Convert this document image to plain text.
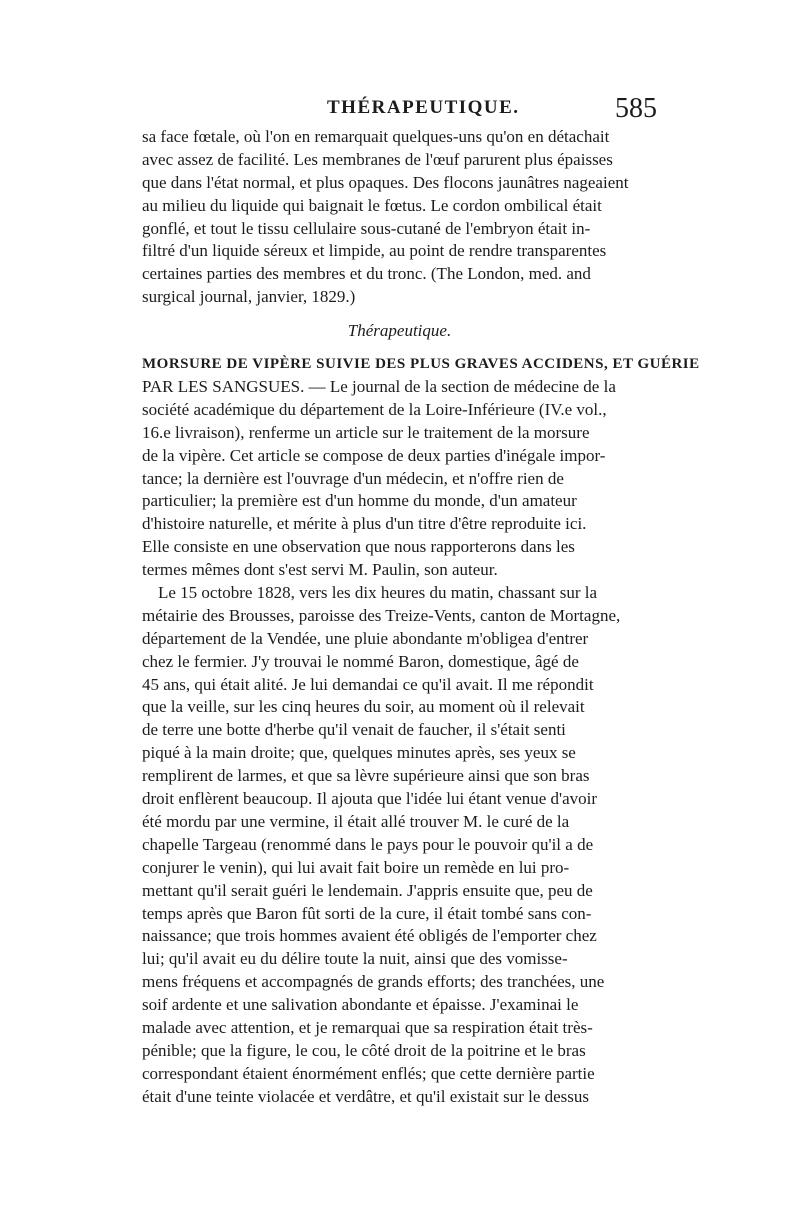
THÉRAPEUTIQUE.	585
sa face fœtale, où l'on en remarquait quelques-uns qu'on en détachait
avec assez de facilité. Les membranes de l'œuf parurent plus épaisses
que dans l'état normal, et plus opaques. Des flocons jaunâtres nageaient
au milieu du liquide qui baignait le fœtus. Le cordon ombilical était
gonflé, et tout le tissu cellulaire sous-cutané de l'embryon était in-
filtré d'un liquide séreux et limpide, au point de rendre transparentes
certaines parties des membres et du tronc. (The London, med. and
surgical journal, janvier, 1829.)
Thérapeutique.
MORSURE DE VIPÈRE SUIVIE DES PLUS GRAVES ACCIDENS, ET GUÉRIE
PAR LES SANGSUES. — Le journal de la section de médecine de la
société académique du département de la Loire-Inférieure (IV.e vol.,
16.e livraison), renferme un article sur le traitement de la morsure
de la vipère. Cet article se compose de deux parties d'inégale impor-
tance; la dernière est l'ouvrage d'un médecin, et n'offre rien de
particulier; la première est d'un homme du monde, d'un amateur
d'histoire naturelle, et mérite à plus d'un titre d'être reproduite ici.
Elle consiste en une observation que nous rapporterons dans les
termes mêmes dont s'est servi M. Paulin, son auteur.
Le 15 octobre 1828, vers les dix heures du matin, chassant sur la
métairie des Brousses, paroisse des Treize-Vents, canton de Mortagne,
département de la Vendée, une pluie abondante m'obligea d'entrer
chez le fermier. J'y trouvai le nommé Baron, domestique, âgé de
45 ans, qui était alité. Je lui demandai ce qu'il avait. Il me répondit
que la veille, sur les cinq heures du soir, au moment où il relevait
de terre une botte d'herbe qu'il venait de faucher, il s'était senti
piqué à la main droite; que, quelques minutes après, ses yeux se
remplirent de larmes, et que sa lèvre supérieure ainsi que son bras
droit enflèrent beaucoup. Il ajouta que l'idée lui étant venue d'avoir
été mordu par une vermine, il était allé trouver M. le curé de la
chapelle Targeau (renommé dans le pays pour le pouvoir qu'il a de
conjurer le venin), qui lui avait fait boire un remède en lui pro-
mettant qu'il serait guéri le lendemain. J'appris ensuite que, peu de
temps après que Baron fût sorti de la cure, il était tombé sans con-
naissance; que trois hommes avaient été obligés de l'emporter chez
lui; qu'il avait eu du délire toute la nuit, ainsi que des vomisse-
mens fréquens et accompagnés de grands efforts; des tranchées, une
soif ardente et une salivation abondante et épaisse. J'examinai le
malade avec attention, et je remarquai que sa respiration était très-
pénible; que la figure, le cou, le côté droit de la poitrine et le bras
correspondant étaient énormément enflés; que cette dernière partie
était d'une teinte violacée et verdâtre, et qu'il existait sur le dessus
